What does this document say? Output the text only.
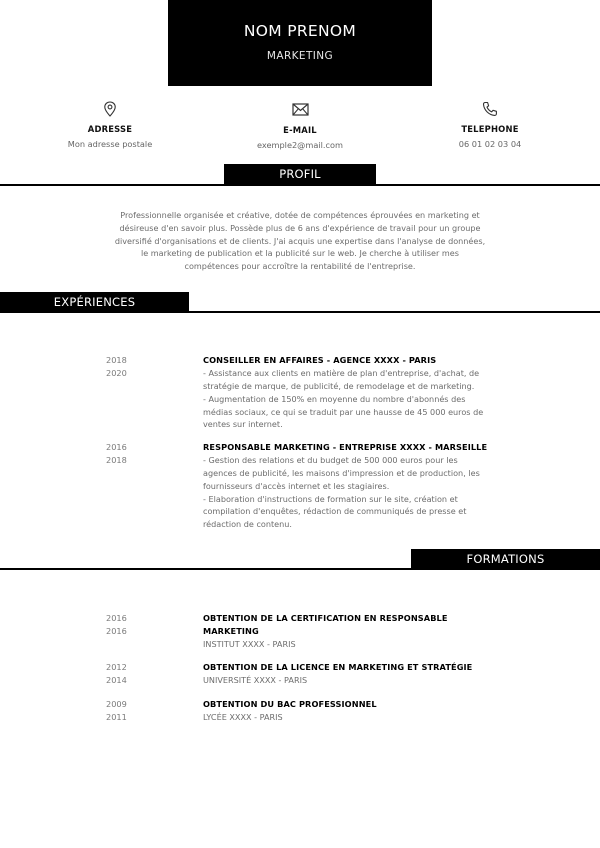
NOM PRENOM
MARKETING
ADRESSE
Mon adresse postale
E-MAIL
exemple2@mail.com
TELEPHONE
06 01 02 03 04
PROFIL
Professionnelle organisée et créative, dotée de compétences éprouvées en marketing et
désireuse d'en savoir plus. Possède plus de 6 ans d'expérience de travail pour un groupe
diversifié d'organisations et de clients. J'ai acquis une expertise dans l'analyse de données,
le marketing de publication et la publicité sur le web. Je cherche à utiliser mes
compétences pour accroître la rentabilité de l'entreprise.
EXPÉRIENCES
2018
2020
CONSEILLER EN AFFAIRES - AGENCE XXXX - PARIS
- Assistance aux clients en matière de plan d'entreprise, d'achat, de
stratégie de marque, de publicité, de remodelage et de marketing.
- Augmentation de 150% en moyenne du nombre d'abonnés des
médias sociaux, ce qui se traduit par une hausse de 45 000 euros de
ventes sur internet.
2016
2018
RESPONSABLE MARKETING - ENTREPRISE XXXX - MARSEILLE
- Gestion des relations et du budget de 500 000 euros pour les
agences de publicité, les maisons d'impression et de production, les
fournisseurs d'accès internet et les stagiaires.
- Elaboration d'instructions de formation sur le site, création et
compilation d'enquêtes, rédaction de communiqués de presse et
rédaction de contenu.
FORMATIONS
2016
2016
OBTENTION DE LA CERTIFICATION EN RESPONSABLE
MARKETING
INSTITUT XXXX - PARIS
2012
2014
OBTENTION DE LA LICENCE EN MARKETING ET STRATÉGIE
UNIVERSITÉ XXXX - PARIS
2009
2011
OBTENTION DU BAC PROFESSIONNEL
LYCÉE XXXX - PARIS
